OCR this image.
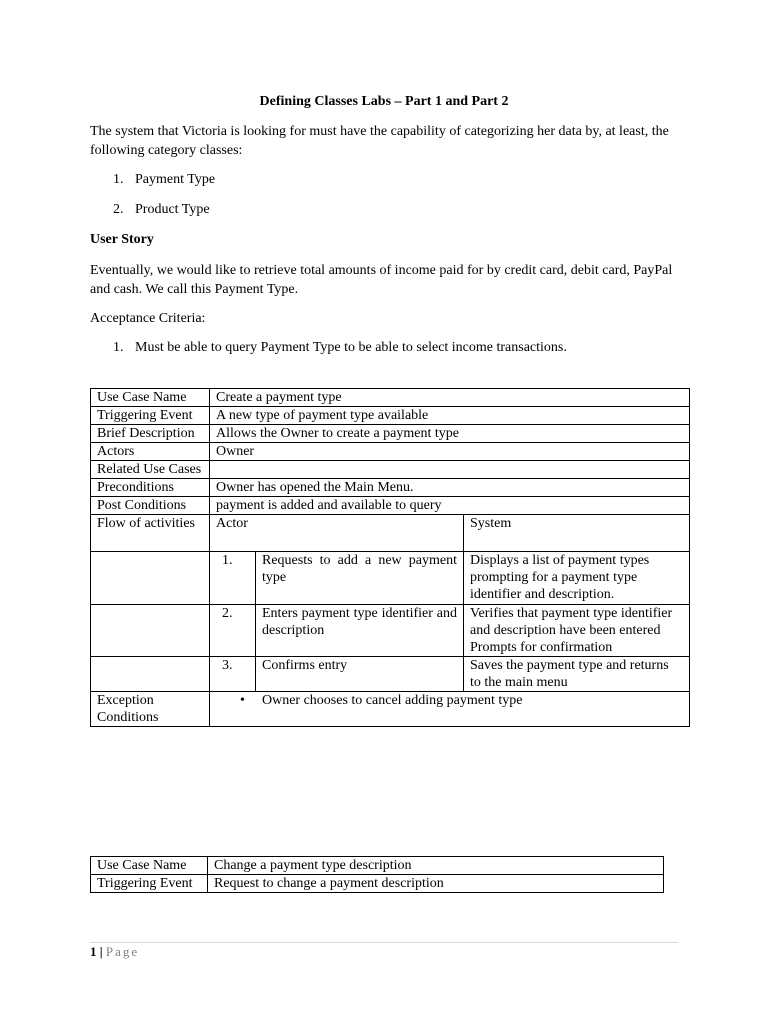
Defining Classes Labs – Part 1 and Part 2
The system that Victoria is looking for must have the capability of categorizing her data by, at least, the following category classes:
1. Payment Type
2. Product Type
User Story
Eventually, we would like to retrieve total amounts of income paid for by credit card, debit card, PayPal and cash. We call this Payment Type.
Acceptance Criteria:
1. Must be able to query Payment Type to be able to select income transactions.
Use Case Name	Create a payment type		
Triggering Event	A new type of payment type available		
Brief Description	Allows the Owner to create a payment type		
Actors	Owner		
Related Use Cases			
Preconditions	Owner has opened the Main Menu.		
Post Conditions	payment is added and available to query		
Flow of activities	Actor		System
	1.	Requests to add a new payment type	Displays a list of payment types prompting for a payment type identifier and description.
	2.	Enters payment type identifier and description	Verifies that payment type identifier and description have been entered
Prompts for confirmation
	3.	Confirms entry	Saves the payment type and returns to the main menu
Exception Conditions	• Owner chooses to cancel adding payment type		
Use Case Name	Change a payment type description
Triggering Event	Request to change a payment description
1 | Page
